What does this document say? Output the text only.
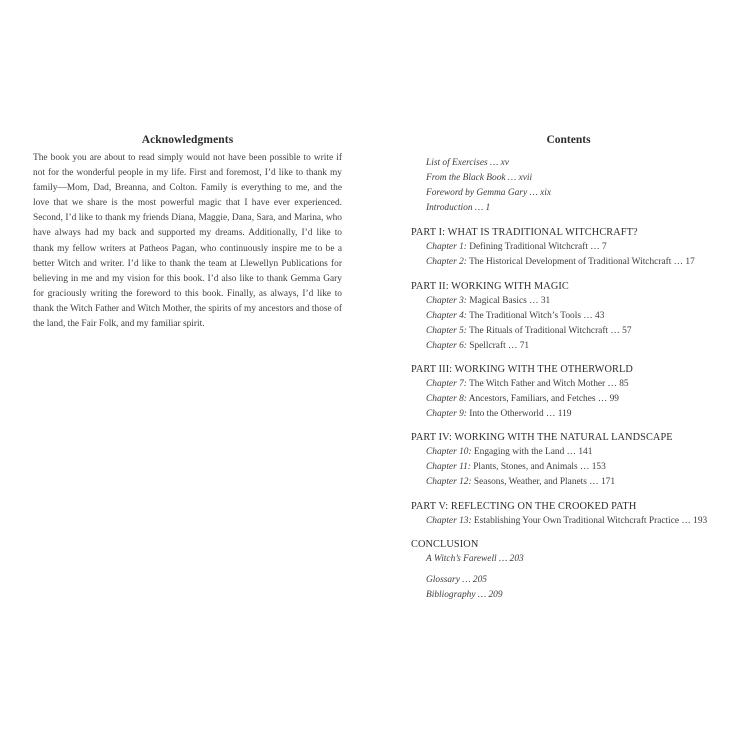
Acknowledgments

The book you are about to read simply would not have been possible to write if not for the wonderful people in my life. First and foremost, I’d like to thank my family—Mom, Dad, Breanna, and Colton. Family is everything to me, and the love that we share is the most powerful magic that I have ever experienced. Second, I’d like to thank my friends Diana, Maggie, Dana, Sara, and Marina, who have always had my back and supported my dreams. Additionally, I’d like to thank my fellow writers at Patheos Pagan, who continuously inspire me to be a better Witch and writer. I’d like to thank the team at Llewellyn Publications for believing in me and my vision for this book. I’d also like to thank Gemma Gary for graciously writing the foreword to this book. Finally, as always, I’d like to thank the Witch Father and Witch Mother, the spirits of my ancestors and those of the land, the Fair Folk, and my familiar spirit.

Contents
List of Exercises … xv
From the Black Book … xvii
Foreword by Gemma Gary … xix
Introduction … 1
PART I: WHAT IS TRADITIONAL WITCHCRAFT?
Chapter 1: Defining Traditional Witchcraft … 7
Chapter 2: The Historical Development of Traditional Witchcraft … 17
PART II: WORKING WITH MAGIC
Chapter 3: Magical Basics … 31
Chapter 4: The Traditional Witch’s Tools … 43
Chapter 5: The Rituals of Traditional Witchcraft … 57
Chapter 6: Spellcraft … 71
PART III: WORKING WITH THE OTHERWORLD
Chapter 7: The Witch Father and Witch Mother … 85
Chapter 8: Ancestors, Familiars, and Fetches … 99
Chapter 9: Into the Otherworld … 119
PART IV: WORKING WITH THE NATURAL LANDSCAPE
Chapter 10: Engaging with the Land … 141
Chapter 11: Plants, Stones, and Animals … 153
Chapter 12: Seasons, Weather, and Planets … 171
PART V: REFLECTING ON THE CROOKED PATH
Chapter 13: Establishing Your Own Traditional Witchcraft Practice … 193
CONCLUSION
A Witch’s Farewell … 203
Glossary … 205
Bibliography … 209
